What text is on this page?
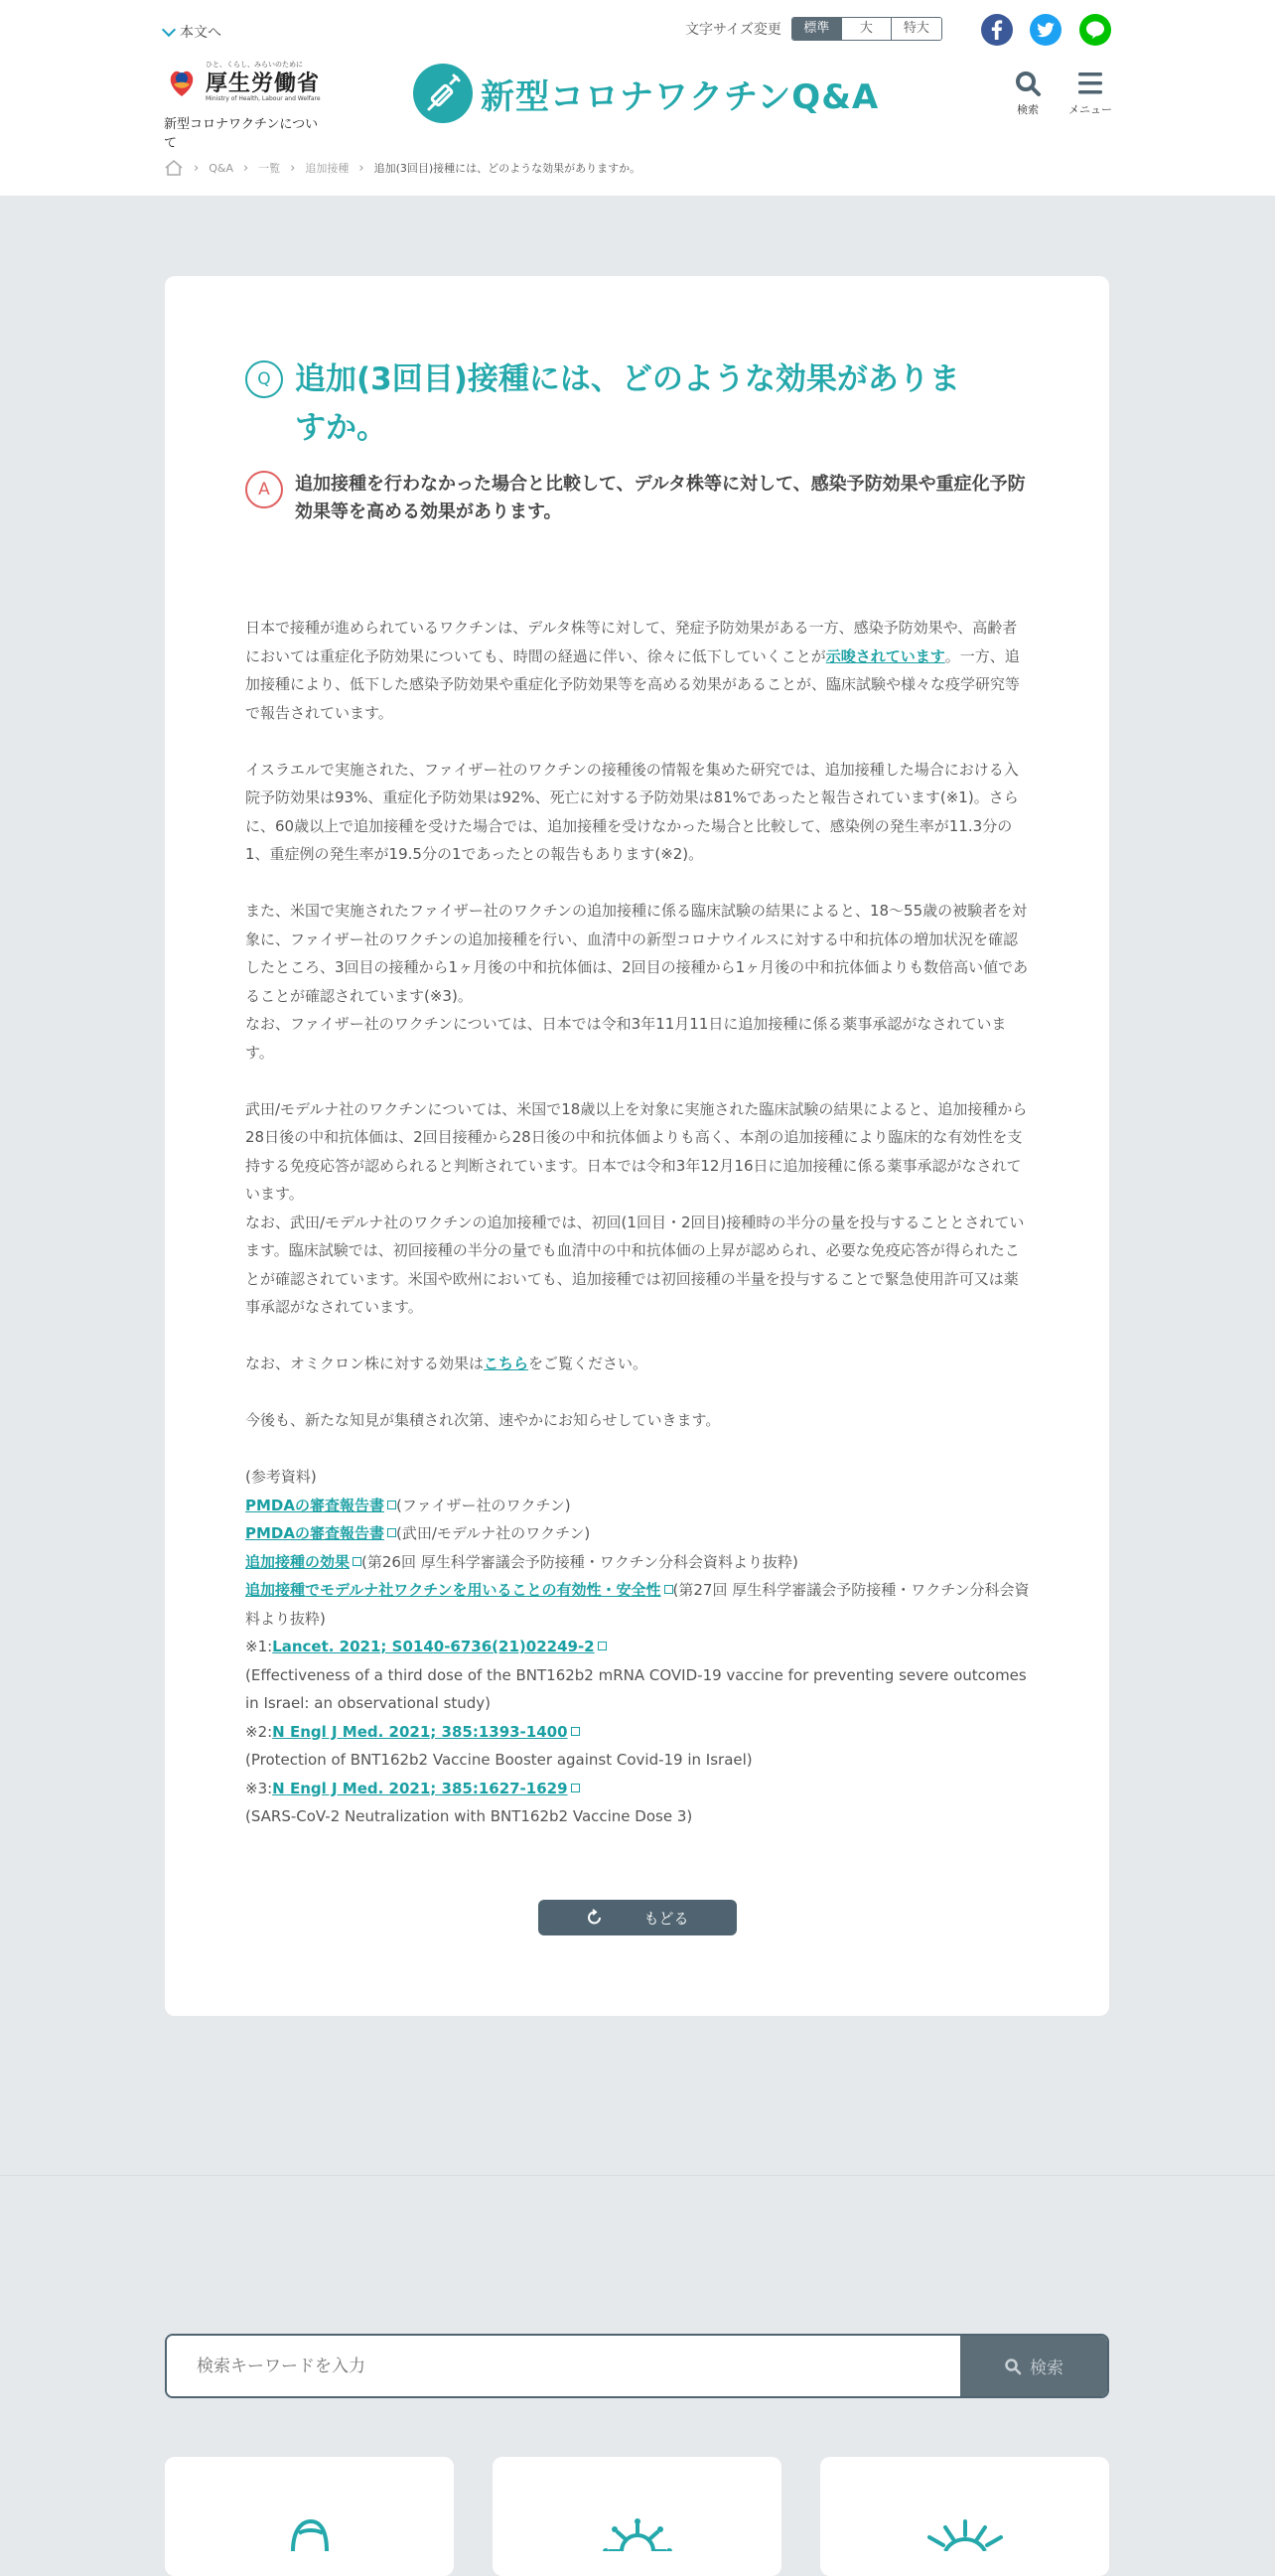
本文へ	文字サイズ変更	標準	大	特大
ひと、くらし、みらいのために
厚生労働省
Ministry of Health, Labour and Welfare
新型コロナワクチンについて
新型コロナワクチンQ&A	検索	メニュー
› Q&A › 一覧 › 追加接種 › 追加(3回目)接種には、どのような効果がありますか。
Q 追加(3回目)接種には、どのような効果がありますか。
A	追加接種を行わなかった場合と比較して、デルタ株等に対して、感染予防効果や重症化予防効果等を高める効果があります。

日本で接種が進められているワクチンは、デルタ株等に対して、発症予防効果がある一方、感染予防効果や、高齢者においては重症化予防効果についても、時間の経過に伴い、徐々に低下していくことが示唆されています。一方、追加接種により、低下した感染予防効果や重症化予防効果等を高める効果があることが、臨床試験や様々な疫学研究等で報告されています。

イスラエルで実施された、ファイザー社のワクチンの接種後の情報を集めた研究では、追加接種した場合における入院予防効果は93%、重症化予防効果は92%、死亡に対する予防効果は81%であったと報告されています(※1)。さらに、60歳以上で追加接種を受けた場合では、追加接種を受けなかった場合と比較して、感染例の発生率が11.3分の1、重症例の発生率が19.5分の1であったとの報告もあります(※2)。

また、米国で実施されたファイザー社のワクチンの追加接種に係る臨床試験の結果によると、18～55歳の被験者を対象に、ファイザー社のワクチンの追加接種を行い、血清中の新型コロナウイルスに対する中和抗体の増加状況を確認したところ、3回目の接種から1ヶ月後の中和抗体価は、2回目の接種から1ヶ月後の中和抗体価よりも数倍高い値であることが確認されています(※3)。

なお、ファイザー社のワクチンについては、日本では令和3年11月11日に追加接種に係る薬事承認がなされています。

武田/モデルナ社のワクチンについては、米国で18歳以上を対象に実施された臨床試験の結果によると、追加接種から28日後の中和抗体価は、2回目接種から28日後の中和抗体価よりも高く、本剤の追加接種により臨床的な有効性を支持する免疫応答が認められると判断されています。日本では令和3年12月16日に追加接種に係る薬事承認がなされています。

なお、武田/モデルナ社のワクチンの追加接種では、初回(1回目・2回目)接種時の半分の量を投与することとされています。臨床試験では、初回接種の半分の量でも血清中の中和抗体価の上昇が認められ、必要な免疫応答が得られたことが確認されています。米国や欧州においても、追加接種では初回接種の半量を投与することで緊急使用許可又は薬事承認がなされています。

なお、オミクロン株に対する効果はこちらをご覧ください。

今後も、新たな知見が集積され次第、速やかにお知らせしていきます。

(参考資料)
PMDAの審査報告書 (ファイザー社のワクチン)
PMDAの審査報告書 (武田/モデルナ社のワクチン)
追加接種の効果 (第26回 厚生科学審議会予防接種・ワクチン分科会資料より抜粋)
追加接種でモデルナ社ワクチンを用いることの有効性・安全性 (第27回 厚生科学審議会予防接種・ワクチン分科会資料より抜粋)
※1:Lancet. 2021; S0140-6736(21)02249-2
(Effectiveness of a third dose of the BNT162b2 mRNA COVID-19 vaccine for preventing severe outcomes in Israel: an observational study)
※2:N Engl J Med. 2021; 385:1393-1400
(Protection of BNT162b2 Vaccine Booster against Covid-19 in Israel)
※3:N Engl J Med. 2021; 385:1627-1629
(SARS-CoV-2 Neutralization with BNT162b2 Vaccine Dose 3)
もどる
検索キーワードを入力
検索
